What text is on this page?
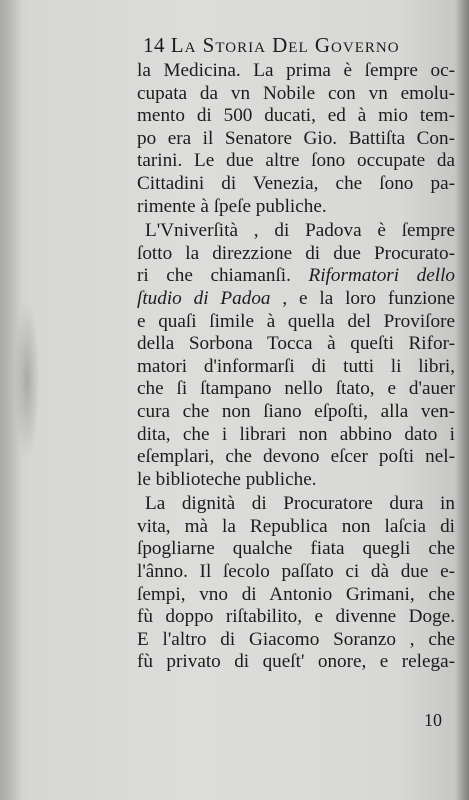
14 La Storia Del Governo
la Medicina. La prima è ſempre oc-
cupata da vn Nobile con vn emolu-
mento di 500 ducati, ed à mio tem-
po era il Senatore Gio. Battiſta Con-
tarini. Le due altre ſono occupate da
Cittadini di Venezia, che ſono pa-
rimente à ſpeſe publiche.
L'Vniverſità , di Padova è ſempre
ſotto la direzzione di due Procurato-
ri che chiamanſi. Riformatori dello
ſtudio di Padoa , e la loro funzione
e quaſi ſimile à quella del Proviſore
della Sorbona Tocca à queſti Rifor-
matori d'informarſi di tutti li libri,
che ſi ſtampano nello ſtato, e d'auer
cura che non ſiano eſpoſti, alla ven-
dita, che i librari non abbino dato i
eſemplari, che devono eſcer poſti nel-
le biblioteche publiche.
La dignità di Procuratore dura in
vita, mà la Republica non laſcia di
ſpogliarne qualche fiata quegli che
l'ânno. Il ſecolo paſſato ci dà due e-
ſempi, vno di Antonio Grimani, che
fù doppo riſtabilito, e divenne Doge.
E l'altro di Giacomo Soranzo , che
fù privato di queſt' onore, e relega-
10
